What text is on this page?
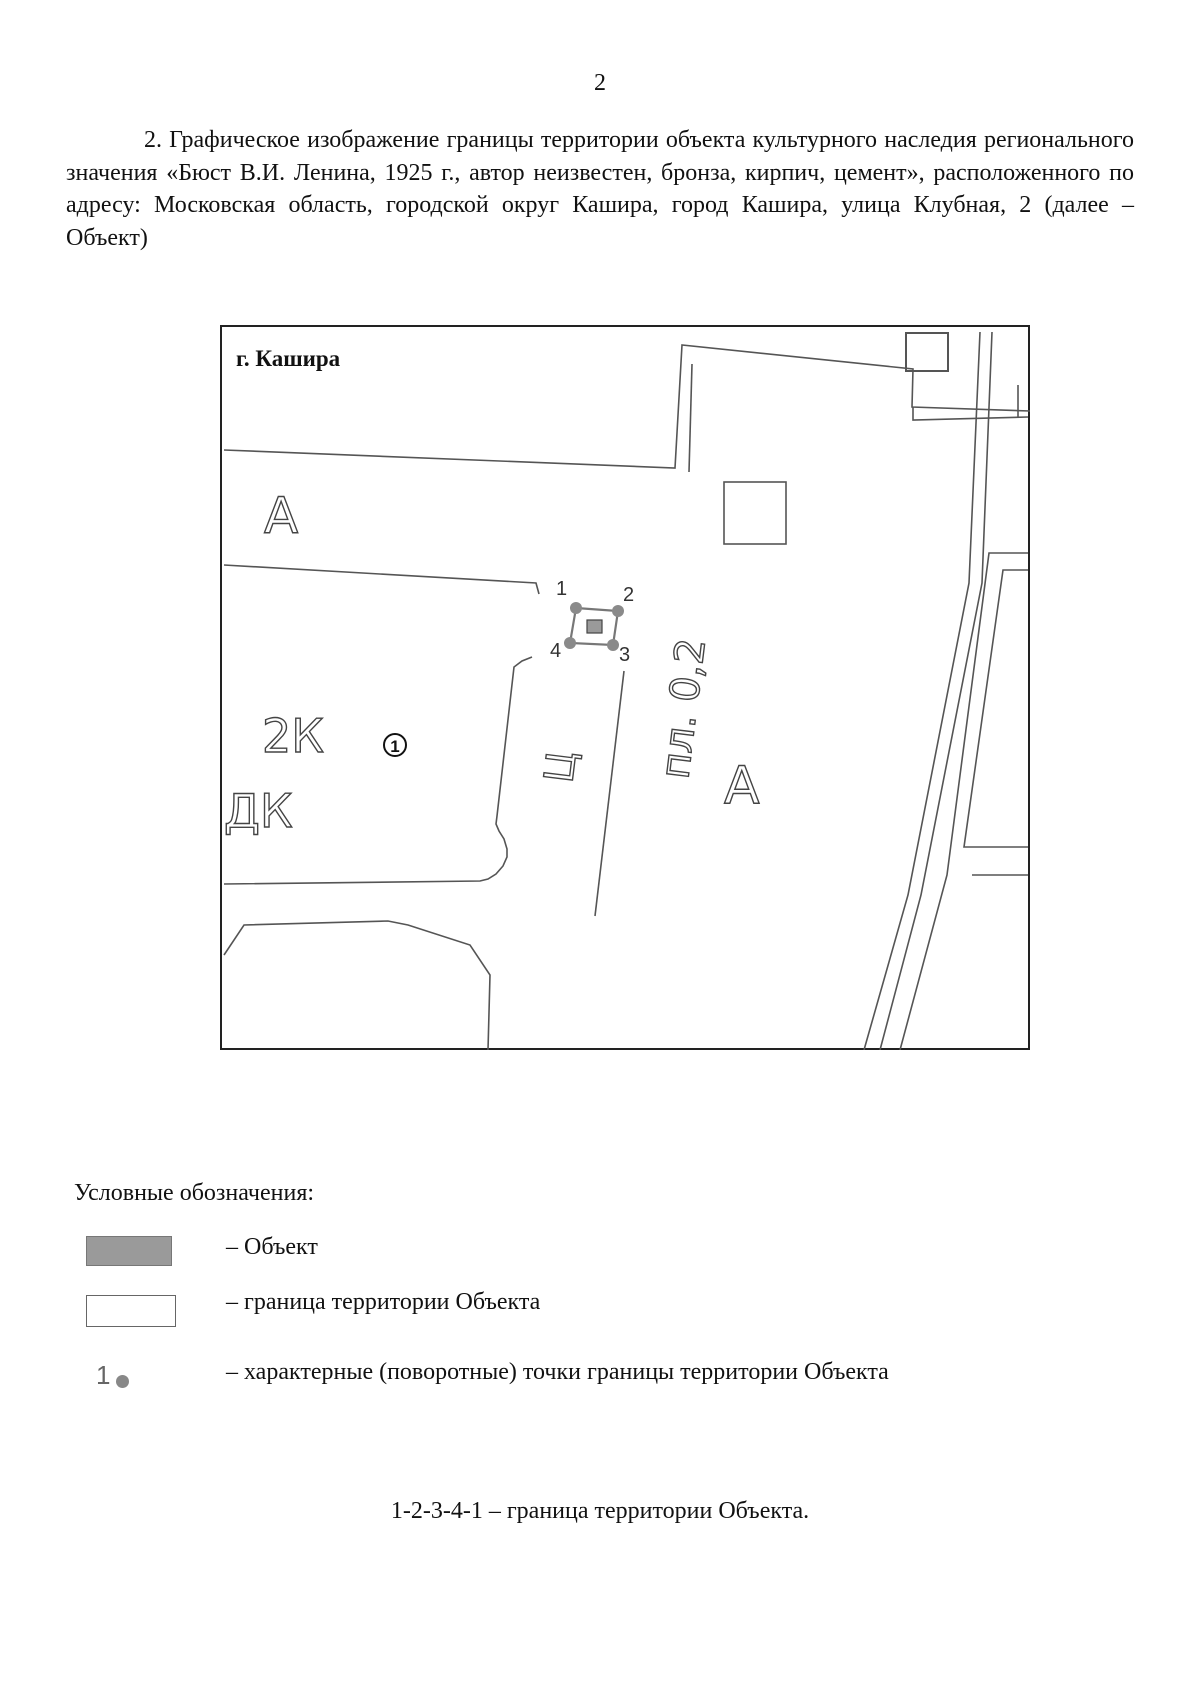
2

2. Графическое изображение границы территории объекта культурного наследия регионального значения «Бюст В.И. Ленина, 1925 г., автор неизвестен, бронза, кирпич, цемент», расположенного по адресу: Московская область, городской округ Кашира, город Кашира, улица Клубная, 2 (далее – Объект)

г. Кашира
А
А
2К
ДК
пл. 0,2
Ц
1
1	2
3
4

Условные обозначения:

– Объект
– граница территории Объекта
1	– характерные (поворотные) точки границы территории Объекта
1-2-3-4-1 – граница территории Объекта.
